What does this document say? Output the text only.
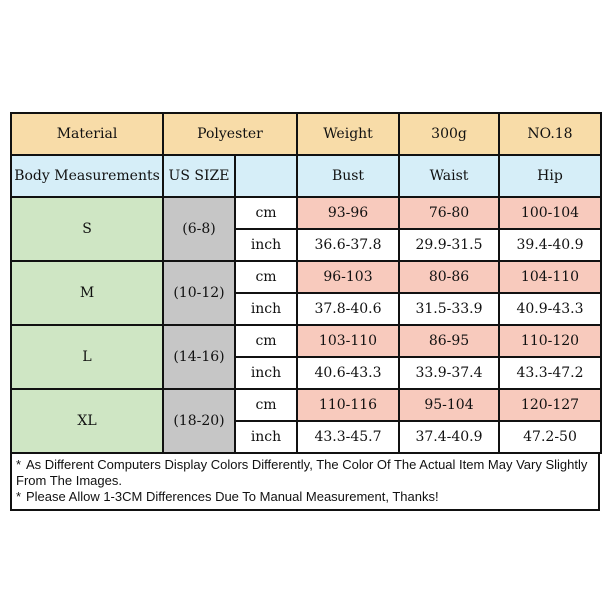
Material	Polyester		Weight	300g	NO.18
Body Measurements	US SIZE		Bust	Waist	Hip
S	(6-8)	cm	93-96	76-80	100-104
		inch	36.6-37.8	29.9-31.5	39.4-40.9
M	(10-12)	cm	96-103	80-86	104-110
		inch	37.8-40.6	31.5-33.9	40.9-43.3
L	(14-16)	cm	103-110	86-95	110-120
		inch	40.6-43.3	33.9-37.4	43.3-47.2
XL	(18-20)	cm	110-116	95-104	120-127
		inch	43.3-45.7	37.4-40.9	47.2-50
* As Different Computers Display Colors Differently, The Color Of The Actual Item May Vary Slightly From The Images.
* Please Allow 1-3CM Differences Due To Manual Measurement, Thanks!
